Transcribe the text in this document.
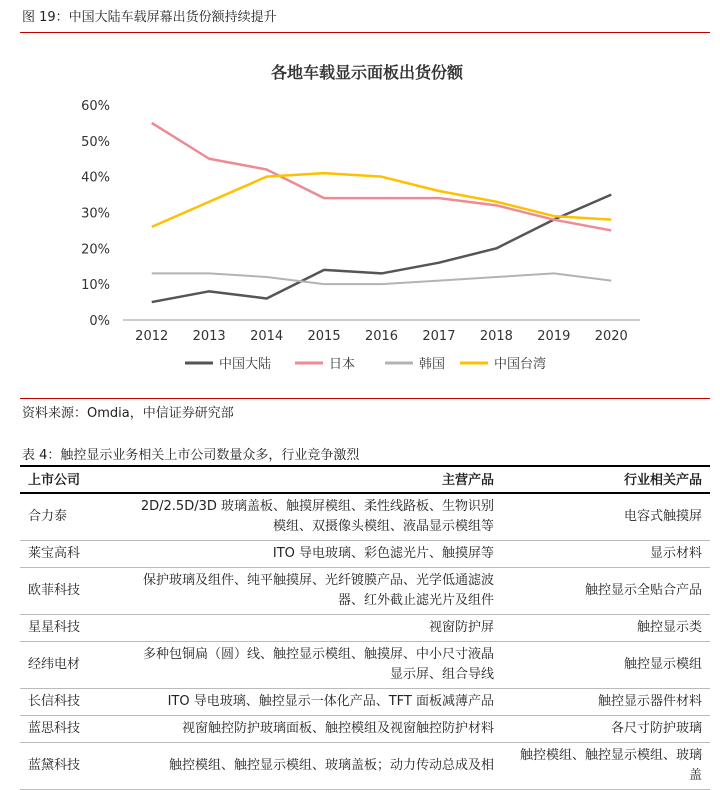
图 19：中国大陆车载屏幕出货份额持续提升
各地车载显示面板出货份额
0%
10%
20%
30%
40%
50%
60%
2012 2013 2014 2015 2016 2017 2018 2019 2020
中国大陆	日本	韩国	中国台湾
资料来源：Omdia，中信证券研究部
表 4：触控显示业务相关上市公司数量众多，行业竞争激烈
上市公司	主营产品	行业相关产品
合力泰	2D/2.5D/3D 玻璃盖板、触摸屏模组、柔性线路板、生物识别模组、双摄像头模组、液晶显示模组等	电容式触摸屏
莱宝高科	ITO 导电玻璃、彩色滤光片、触摸屏等	显示材料
欧菲科技	保护玻璃及组件、纯平触摸屏、光纤镀膜产品、光学低通滤波器、红外截止滤光片及组件	触控显示全贴合产品
星星科技	视窗防护屏	触控显示类
经纬电材	多种包铜扁（圆）线、触控显示模组、触摸屏、中小尺寸液晶显示屏、组合导线	触控显示模组
长信科技	ITO 导电玻璃、触控显示一体化产品、TFT 面板减薄产品	触控显示器件材料
蓝思科技	视窗触控防护玻璃面板、触控模组及视窗触控防护材料	各尺寸防护玻璃
蓝黛科技	触控模组、触控显示模组、玻璃盖板；动力传动总成及相	触控模组、触控显示模组、玻璃盖
